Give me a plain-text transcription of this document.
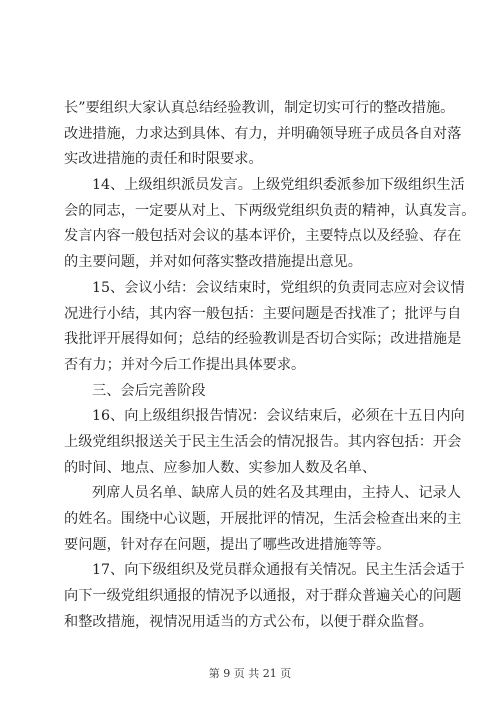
长”要组织大家认真总结经验教训，制定切实可行的整改措施。
改进措施，力求达到具体、有力，并明确领导班子成员各自对落
实改进措施的责任和时限要求。
14、上级组织派员发言。上级党组织委派参加下级组织生活
会的同志，一定要从对上、下两级党组织负责的精神，认真发言。
发言内容一般包括对会议的基本评价，主要特点以及经验、存在
的主要问题，并对如何落实整改措施提出意见。
15、会议小结：会议结束时，党组织的负责同志应对会议情
况进行小结，其内容一般包括：主要问题是否找准了；批评与自
我批评开展得如何；总结的经验教训是否切合实际；改进措施是
否有力；并对今后工作提出具体要求。
三、会后完善阶段
16、向上级组织报告情况：会议结束后，必须在十五日内向
上级党组织报送关于民主生活会的情况报告。其内容包括：开会
的时间、地点、应参加人数、实参加人数及名单、
列席人员名单、缺席人员的姓名及其理由，主持人、记录人
的姓名。围绕中心议题，开展批评的情况，生活会检查出来的主
要问题，针对存在问题，提出了哪些改进措施等等。
17、向下级组织及党员群众通报有关情况。民主生活会适于
向下一级党组织通报的情况予以通报，对于群众普遍关心的问题
和整改措施，视情况用适当的方式公布，以便于群众监督。
第 9 页 共 21 页
